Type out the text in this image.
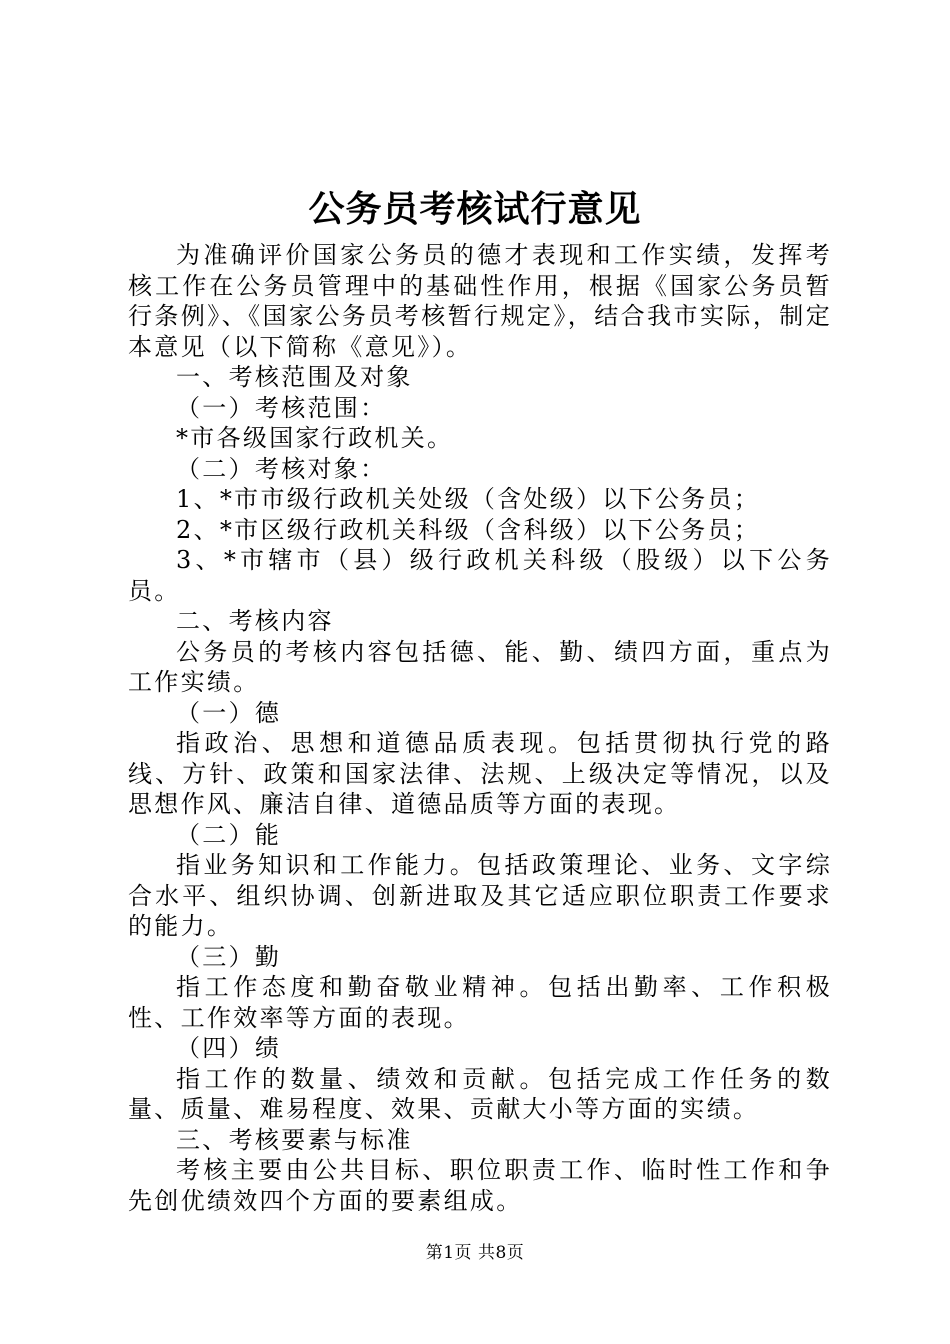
公务员考核试行意见

为准确评价国家公务员的德才表现和工作实绩，发挥考核工作在公务员管理中的基础性作用，根据《国家公务员暂行条例》、《国家公务员考核暂行规定》，结合我市实际，制定本意见（以下简称《意见》）。

一、考核范围及对象

（一）考核范围：

*市各级国家行政机关。

（二）考核对象：

1、*市市级行政机关处级（含处级）以下公务员；

2、*市区级行政机关科级（含科级）以下公务员；

3、*市辖市（县）级行政机关科级（股级）以下公务员。

二、考核内容

公务员的考核内容包括德、能、勤、绩四方面，重点为工作实绩。

（一）德

指政治、思想和道德品质表现。包括贯彻执行党的路线、方针、政策和国家法律、法规、上级决定等情况，以及思想作风、廉洁自律、道德品质等方面的表现。

（二）能

指业务知识和工作能力。包括政策理论、业务、文字综合水平、组织协调、创新进取及其它适应职位职责工作要求的能力。

（三）勤

指工作态度和勤奋敬业精神。包括出勤率、工作积极性、工作效率等方面的表现。

（四）绩

指工作的数量、绩效和贡献。包括完成工作任务的数量、质量、难易程度、效果、贡献大小等方面的实绩。

三、考核要素与标准

考核主要由公共目标、职位职责工作、临时性工作和争先创优绩效四个方面的要素组成。

第1页 共8页
